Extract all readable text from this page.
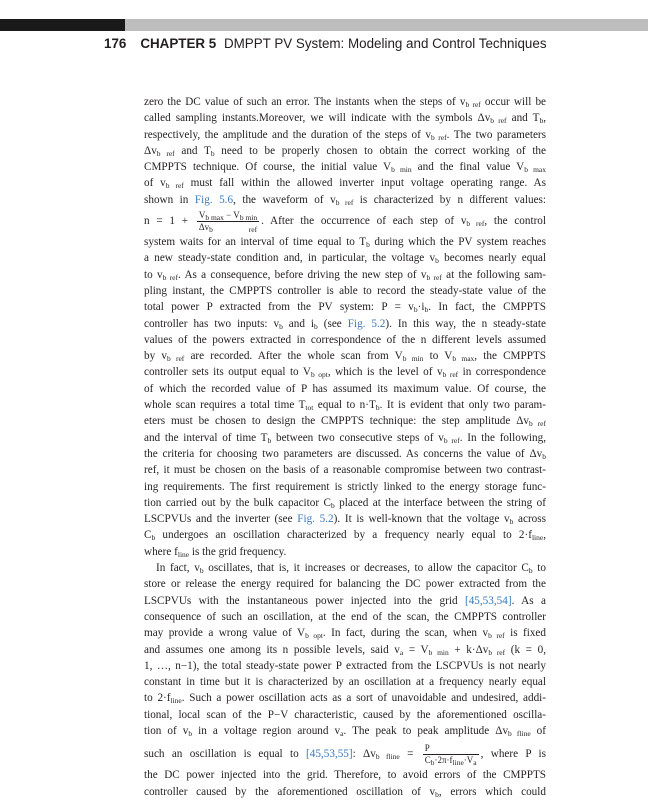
176 CHAPTER 5 DMPPT PV System: Modeling and Control Techniques
zero the DC value of such an error. The instants when the steps of $v_{b ref}$ occur will be
called sampling instants.Moreover, we will indicate with the symbols $\Delta v_{b ref}$ and $T_b$,
respectively, the amplitude and the duration of the steps of $v_{b ref}$. The two parameters
$\Delta v_{b ref}$ and $T_b$ need to be properly chosen to obtain the correct working of the
CMPPTS technique. Of course, the initial value $V_{b min}$ and the final value $V_{b max}$
of $v_{b ref}$ must fall within the allowed inverter input voltage operating range. As
shown in Fig. 5.6, the waveform of $v_{b ref}$ is characterized by n different values:
$n = 1 + \frac{V_{b max} - V_{b min}}{\Delta v_{b ref}}$ . After the occurrence of each step of $v_{b ref}$, the control
system waits for an interval of time equal to $T_b$ during which the PV system reaches
a new steady-state condition and, in particular, the voltage $v_b$ becomes nearly equal
to $v_{b ref}$. As a consequence, before driving the new step of $v_{b ref}$ at the following sam-
pling instant, the CMPPTS controller is able to record the steady-state value of the
total power P extracted from the PV system: $P = v_b\cdot i_b$. In fact, the CMPPTS
controller has two inputs: $v_b$ and $i_b$ (see Fig. 5.2). In this way, the n steady-state
values of the powers extracted in correspondence of the n different levels assumed
by $v_{b ref}$ are recorded. After the whole scan from $V_{b min}$ to $V_{b max}$, the CMPPTS
controller sets its output equal to $V_{b opt}$, which is the level of $v_{b ref}$ in correspondence
of which the recorded value of P has assumed its maximum value. Of course, the
whole scan requires a total time $T_{tot}$ equal to $n\cdot T_b$. It is evident that only two param-
eters must be chosen to design the CMPPTS technique: the step amplitude $\Delta v_{b ref}$
and the interval of time $T_b$ between two consecutive steps of $v_{b ref}$. In the following,
the criteria for choosing two parameters are discussed. As concerns the value of $\Delta v_b$
ref, it must be chosen on the basis of a reasonable compromise between two contrast-
ing requirements. The first requirement is strictly linked to the energy storage func-
tion carried out by the bulk capacitor $C_b$ placed at the interface between the string of
LSCPVUs and the inverter (see Fig. 5.2). It is well-known that the voltage $v_b$ across
$C_b$ undergoes an oscillation characterized by a frequency nearly equal to $2\cdot f_{line}$,
where $f_{line}$ is the grid frequency.
In fact, $v_b$ oscillates, that is, it increases or decreases, to allow the capacitor $C_b$ to
store or release the energy required for balancing the DC power extracted from the
LSCPVUs with the instantaneous power injected into the grid [45,53,54]. As a
consequence of such an oscillation, at the end of the scan, the CMPPTS controller
may provide a wrong value of $V_{b opt}$. In fact, during the scan, when $v_{b ref}$ is fixed
and assumes one among its n possible levels, said $v_a = V_{b min} + k\cdot\Delta v_{b ref}$ (k = 0,
1, …, n−1), the total steady-state power P extracted from the LSCPVUs is not nearly
constant in time but it is characterized by an oscillation at a frequency nearly equal
to $2\cdot f_{line}$. Such a power oscillation acts as a sort of unavoidable and undesired, addi-
tional, local scan of the P−V characteristic, caused by the aforementioned oscilla-
tion of $v_b$ in a voltage region around $v_a$. The peak to peak amplitude $\Delta v_{b fline}$ of
such an oscillation is equal to [45,53,55]: $\Delta v_{b fline} = \frac{P}{C_b\cdot 2\pi\cdot f_{line}\cdot V_a}$ , where P is
the DC power injected into the grid. Therefore, to avoid errors of the CMPPTS
controller caused by the aforementioned oscillation of $v_b$, errors which could
